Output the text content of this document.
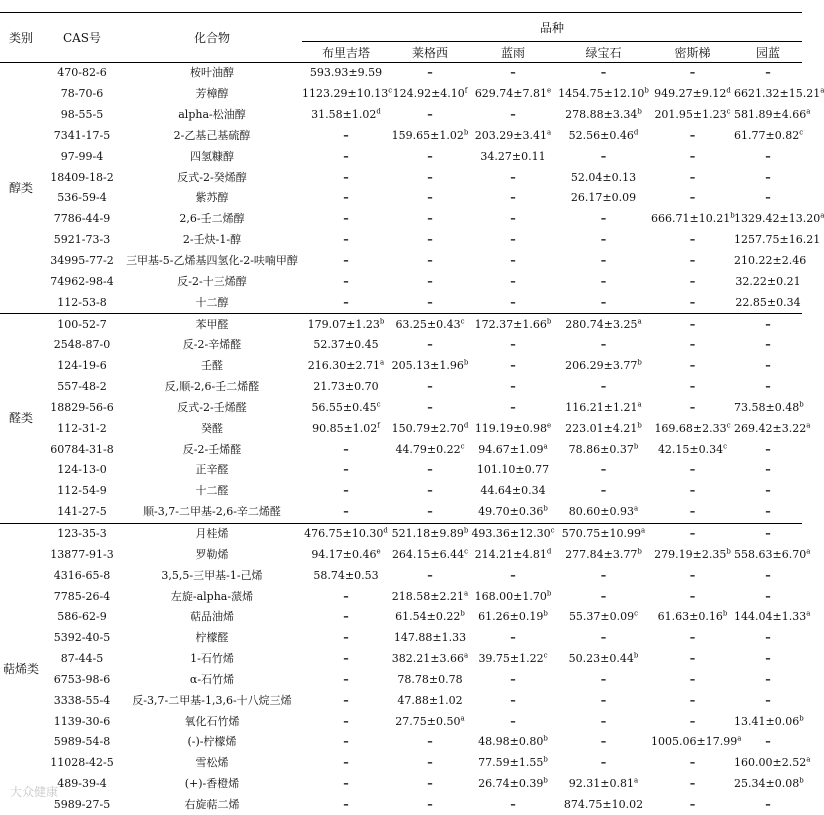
类别	CAS号	化合物	品种					
			布里吉塔	莱格西	蓝雨	绿宝石	密斯梯	园蓝
醇类	470-82-6	桉叶油醇	593.93±9.59	–	–	–	–	–
	78-70-6	芳樟醇	1123.29±10.13$^c$	124.92±4.10$^f$	629.74±7.81$^e$	1454.75±12.10$^b$	949.27±9.12$^d$	6621.32±15.21$^a$
	98-55-5	alpha-松油醇	31.58±1.02$^d$	–	–	278.88±3.34$^b$	201.95±1.23$^c$	581.89±4.66$^a$
	7341-17-5	2-乙基己基硫醇	–	159.65±1.02$^b$	203.29±3.41$^a$	52.56±0.46$^d$	–	61.77±0.82$^c$
	97-99-4	四氢糠醇	–	–	34.27±0.11	–	–	–
	18409-18-2	反式-2-癸烯醇	–	–	–	52.04±0.13	–	–
	536-59-4	紫苏醇	–	–	–	26.17±0.09	–	–
	7786-44-9	2,6-壬二烯醇	–	–	–	–	666.71±10.21$^b$	1329.42±13.20$^a$
	5921-73-3	2-壬炔-1-醇	–	–	–	–	–	1257.75±16.21
	34995-77-2	三甲基-5-乙烯基四氢化-2-呋喃甲醇	–	–	–	–	–	210.22±2.46
	74962-98-4	反-2-十三烯醇	–	–	–	–	–	32.22±0.21
	112-53-8	十二醇	–	–	–	–	–	22.85±0.34
醛类	100-52-7	苯甲醛	179.07±1.23$^b$	63.25±0.43$^c$	172.37±1.66$^b$	280.74±3.25$^a$	–	–
	2548-87-0	反-2-辛烯醛	52.37±0.45	–	–	–	–	–
	124-19-6	壬醛	216.30±2.71$^a$	205.13±1.96$^b$	–	206.29±3.77$^b$	–	–
	557-48-2	反,顺-2,6-壬二烯醛	21.73±0.70	–	–	–	–	–
	18829-56-6	反式-2-壬烯醛	56.55±0.45$^c$	–	–	116.21±1.21$^a$	–	73.58±0.48$^b$
	112-31-2	癸醛	90.85±1.02$^f$	150.79±2.70$^d$	119.19±0.98$^e$	223.01±4.21$^b$	169.68±2.33$^c$	269.42±3.22$^a$
	60784-31-8	反-2-壬烯醛	–	44.79±0.22$^c$	94.67±1.09$^a$	78.86±0.37$^b$	42.15±0.34$^c$	–
	124-13-0	正辛醛	–	–	101.10±0.77	–	–	–
	112-54-9	十二醛	–	–	44.64±0.34	–	–	–
	141-27-5	顺-3,7-二甲基-2,6-辛二烯醛	–	–	49.70±0.36$^b$	80.60±0.93$^a$	–	–
萜烯类	123-35-3	月桂烯	476.75±10.30$^d$	521.18±9.89$^b$	493.36±12.30$^c$	570.75±10.99$^a$	–	–
	13877-91-3	罗勒烯	94.17±0.46$^e$	264.15±6.44$^c$	214.21±4.81$^d$	277.84±3.77$^b$	279.19±2.35$^b$	558.63±6.70$^a$
	4316-65-8	3,5,5-三甲基-1-己烯	58.74±0.53	–	–	–	–	–
	7785-26-4	左旋-alpha-蒎烯	–	218.58±2.21$^a$	168.00±1.70$^b$	–	–	–
	586-62-9	萜品油烯	–	61.54±0.22$^b$	61.26±0.19$^b$	55.37±0.09$^c$	61.63±0.16$^b$	144.04±1.33$^a$
	5392-40-5	柠檬醛	–	147.88±1.33	–	–	–	–
	87-44-5	1-石竹烯	–	382.21±3.66$^a$	39.75±1.22$^c$	50.23±0.44$^b$	–	–
	6753-98-6	α-石竹烯	–	78.78±0.78	–	–	–	–
	3338-55-4	反-3,7-二甲基-1,3,6-十八烷三烯	–	47.88±1.02	–	–	–	–
	1139-30-6	氧化石竹烯	–	27.75±0.50$^a$	–	–	–	13.41±0.06$^b$
	5989-54-8	(-)-柠檬烯	–	–	48.98±0.80$^b$	–	1005.06±17.99$^a$	–
	11028-42-5	雪松烯	–	–	77.59±1.55$^b$	–	–	160.00±2.52$^a$
	489-39-4	(+)-香橙烯	–	–	26.74±0.39$^b$	92.31±0.81$^a$	–	25.34±0.08$^b$
	5989-27-5	右旋萜二烯	–	–	–	874.75±10.02	–	–
大众健康
